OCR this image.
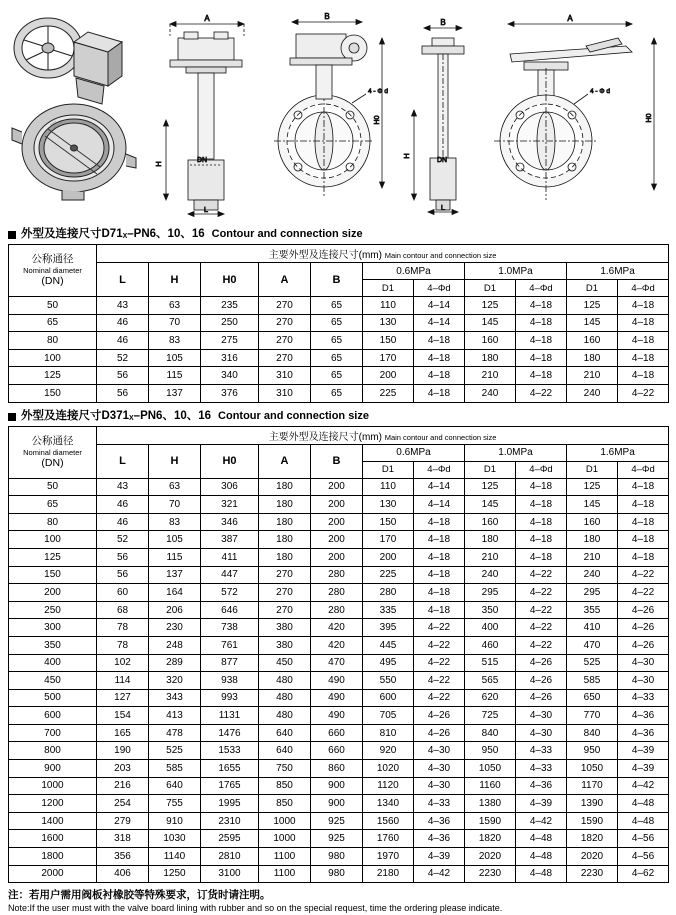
A
H	DN
L
B
4 - Φ d
H0
B
H
DN
L
A
4 - Φ d
H0
外型及连接尺寸D71 X –PN6、10、16 Contour and connection size
公称通径
Nominal diameter
(DN)	主要外型及连接尺寸(mm) Main contour and connection size										
	L	H	H0	A	B	0.6MPa		1.0MPa		1.6MPa	
						D1	4–Φd	D1	4–Φd	D1	4–Φd
50	43	63	235	270	65	110	4–14	125	4–18	125	4–18
65	46	70	250	270	65	130	4–14	145	4–18	145	4–18
80	46	83	275	270	65	150	4–18	160	4–18	160	4–18
100	52	105	316	270	65	170	4–18	180	4–18	180	4–18
125	56	115	340	310	65	200	4–18	210	4–18	210	4–18
150	56	137	376	310	65	225	4–18	240	4–22	240	4–22
外型及连接尺寸D371 X –PN6、10、16 Contour and connection size
公称通径
Nominal diameter
(DN)	主要外型及连接尺寸(mm) Main contour and connection size										
	L	H	H0	A	B	0.6MPa		1.0MPa		1.6MPa	
						D1	4–Φd	D1	4–Φd	D1	4–Φd
50	43	63	306	180	200	110	4–14	125	4–18	125	4–18
65	46	70	321	180	200	130	4–14	145	4–18	145	4–18
80	46	83	346	180	200	150	4–18	160	4–18	160	4–18
100	52	105	387	180	200	170	4–18	180	4–18	180	4–18
125	56	115	411	180	200	200	4–18	210	4–18	210	4–18
150	56	137	447	270	280	225	4–18	240	4–22	240	4–22
200	60	164	572	270	280	280	4–18	295	4–22	295	4–22
250	68	206	646	270	280	335	4–18	350	4–22	355	4–26
300	78	230	738	380	420	395	4–22	400	4–22	410	4–26
350	78	248	761	380	420	445	4–22	460	4–22	470	4–26
400	102	289	877	450	470	495	4–22	515	4–26	525	4–30
450	114	320	938	480	490	550	4–22	565	4–26	585	4–30
500	127	343	993	480	490	600	4–22	620	4–26	650	4–33
600	154	413	1131	480	490	705	4–26	725	4–30	770	4–36
700	165	478	1476	640	660	810	4–26	840	4–30	840	4–36
800	190	525	1533	640	660	920	4–30	950	4–33	950	4–39
900	203	585	1655	750	860	1020	4–30	1050	4–33	1050	4–39
1000	216	640	1765	850	900	1120	4–30	1160	4–36	1170	4–42
1200	254	755	1995	850	900	1340	4–33	1380	4–39	1390	4–48
1400	279	910	2310	1000	925	1560	4–36	1590	4–42	1590	4–48
1600	318	1030	2595	1000	925	1760	4–36	1820	4–48	1820	4–56
1800	356	1140	2810	1100	980	1970	4–39	2020	4–48	2020	4–56
2000	406	1250	3100	1100	980	2180	4–42	2230	4–48	2230	4–62
注：若用户需用阀板衬橡胶等特殊要求，订货时请注明。
Note:If the user must with the valve board lining with rubber and so on the special request, time the ordering please indicate.
